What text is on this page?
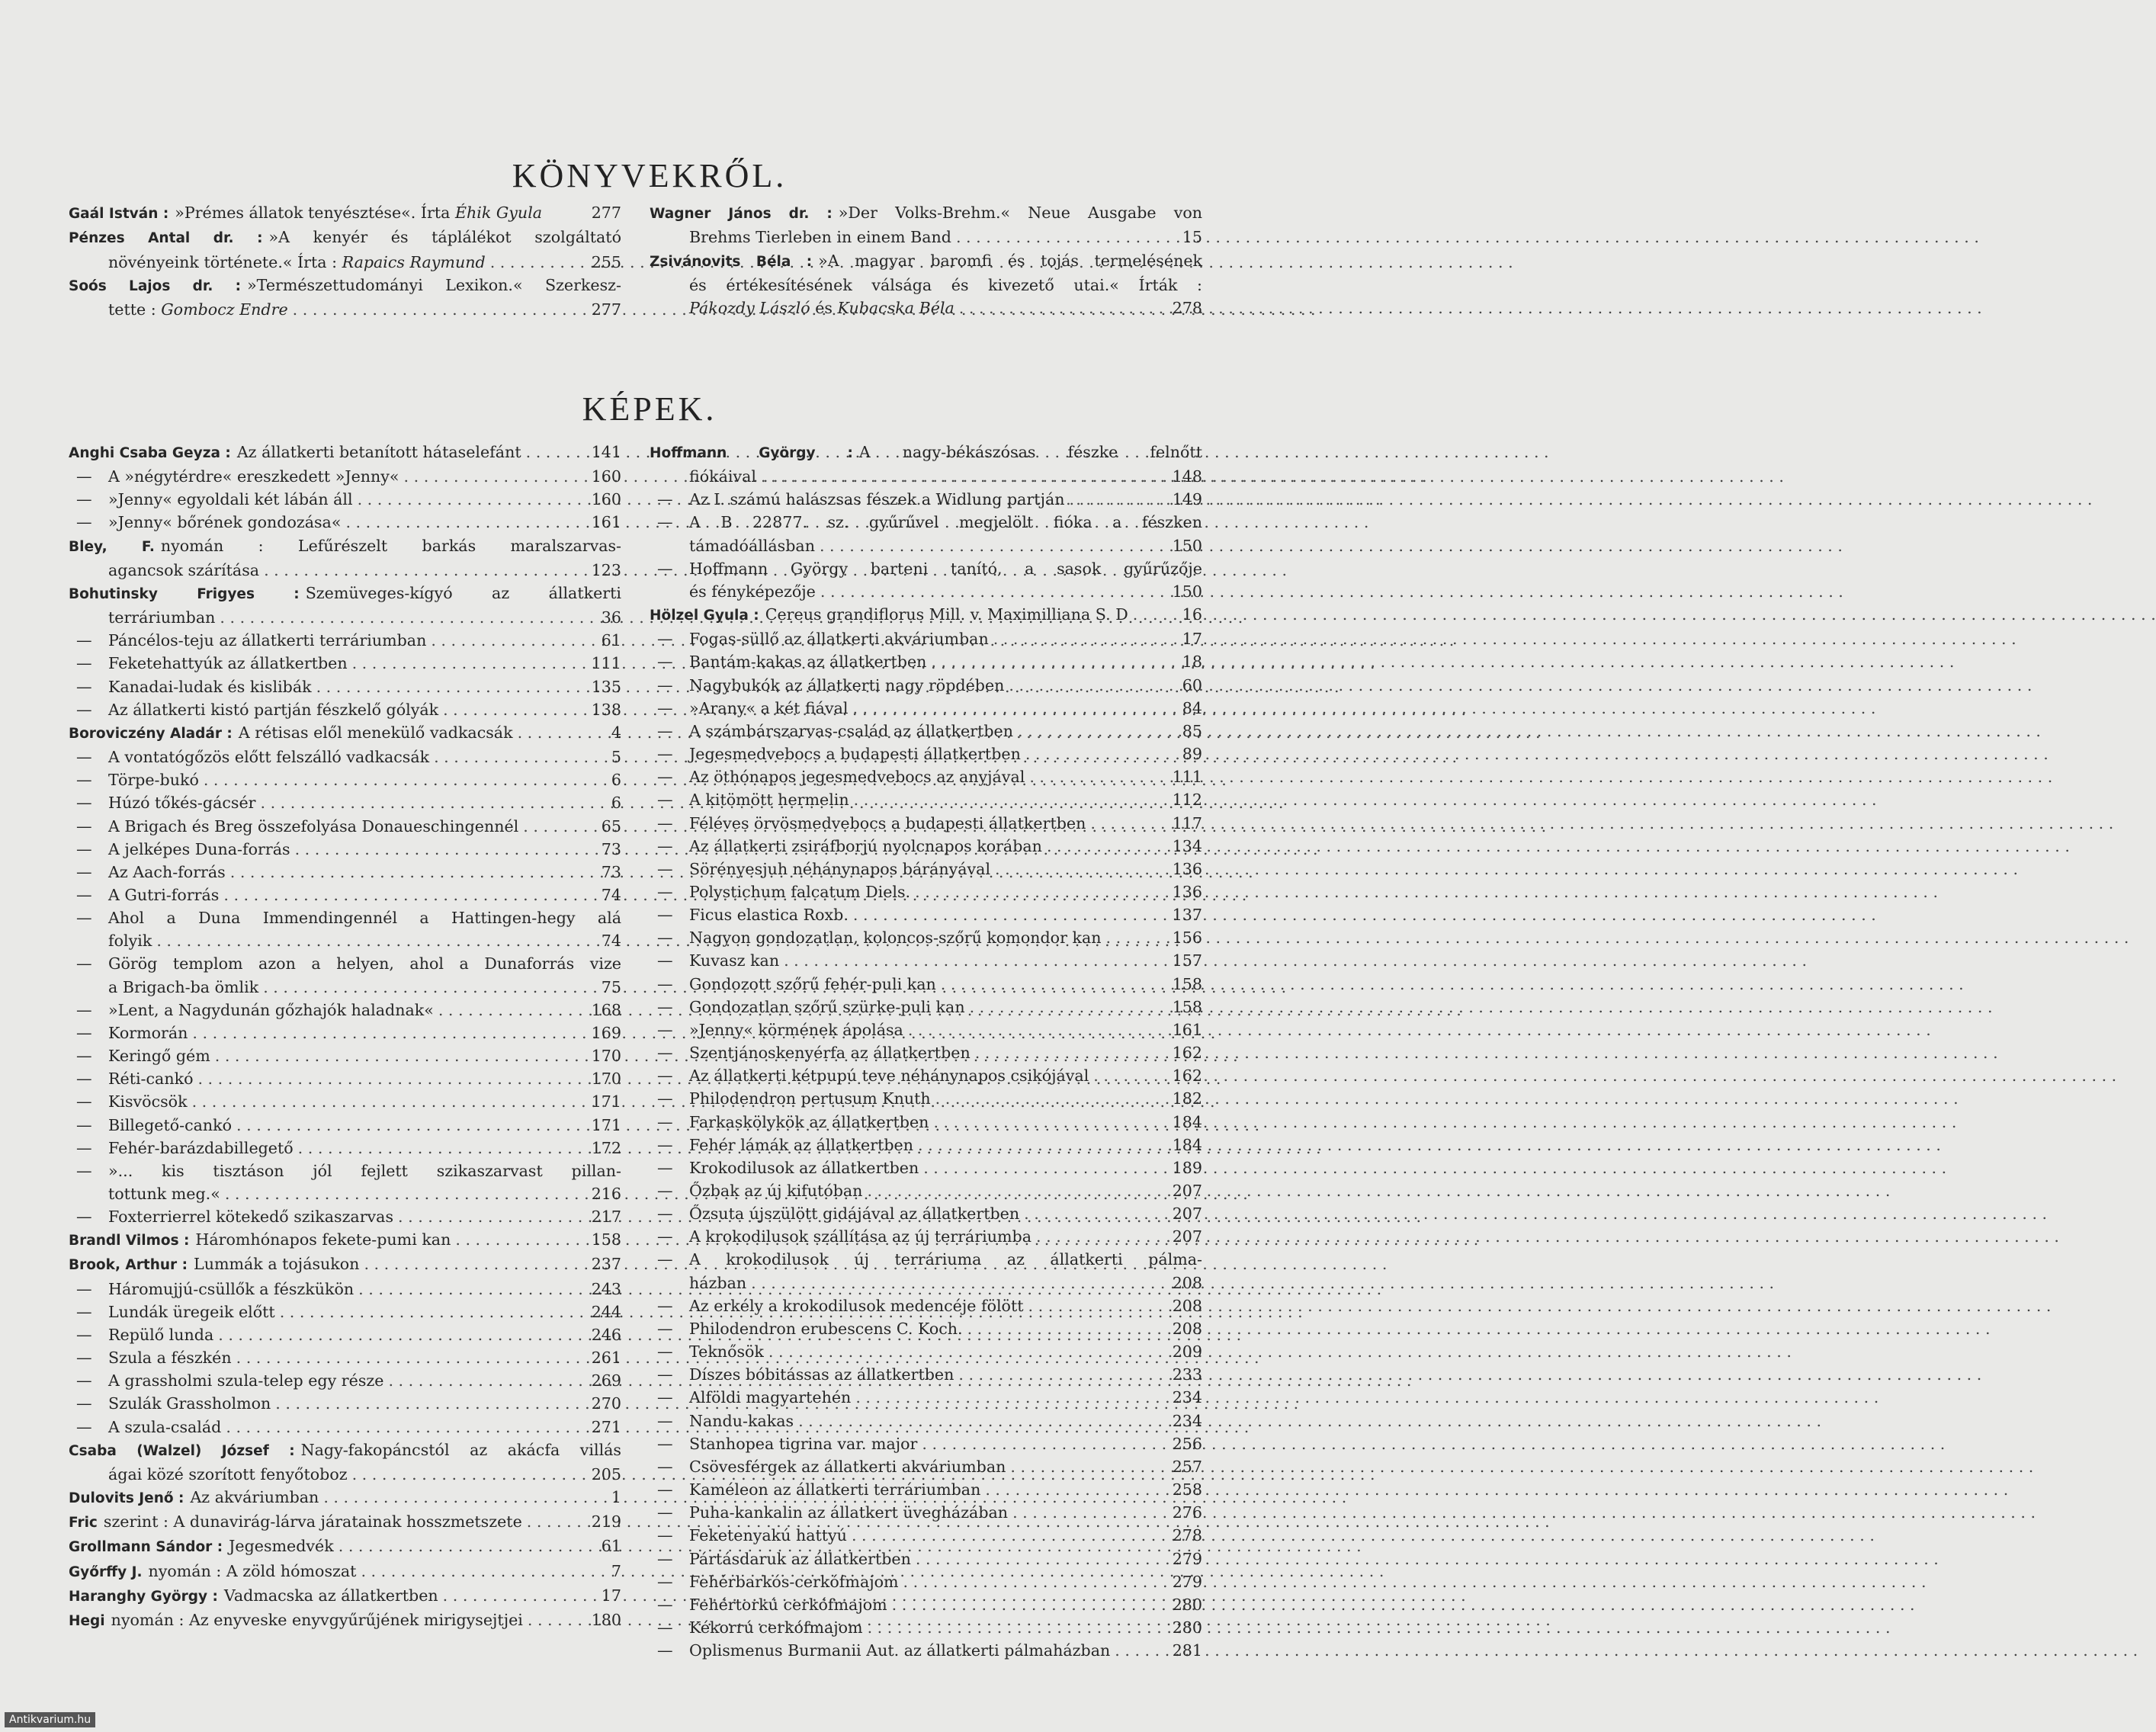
KÖNYVEKRŐL.
Gaál István : »Prémes állatok tenyésztése«. Írta Éhik Gyula	277
Pénzes Antal dr. : »A kenyér és táplálékot szolgáltató
növényeink története.« Írta : Rapaics Raymund . . .	255
Soós Lajos dr. : »Természettudományi Lexikon.« Szerkesz-
tette : Gombocz Endre . . .	277
Wagner János dr. : »Der Volks-Brehm.« Neue Ausgabe von
Brehms Tierleben in einem Band . . .	15
Zsivánovits Béla : »A magyar baromfi és tojás termelésének
és értékesítésének válsága és kivezető utai.« Írták :
Pákozdy László és Kubacska Béla . . .	278
KÉPEK.
Anghi Csaba Geyza : Az állatkerti betanított hátaselefánt . . .	141
—	A »négytérdre« ereszkedett »Jenny« . . .	160
—	»Jenny« egyoldali két lábán áll . . .	160
—	»Jenny« bőrének gondozása« . . .	161
Bley, F. nyomán : Lefűrészelt barkás maralszarvas-
agancsok szárítása . . .	123
Bohutinsky Frigyes : Szemüveges-kígyó az állatkerti
terráriumban . . .	36
—	Páncélos-teju az állatkerti terráriumban . . .	61
—	Feketehattyúk az állatkertben . . .	111
—	Kanadai-ludak és kislibák . . .	135
—	Az állatkerti kistó partján fészkelő gólyák . . .	138
Boroviczény Aladár : A rétisas elől menekülő vadkacsák . . .	4
—	A vontatógőzös előtt felszálló vadkacsák . . .	5
—	Törpe-bukó . . .	6
—	Húzó tőkés-gácsér . . .	6
—	A Brigach és Breg összefolyása Donaueschingennél . . .	65
—	A jelképes Duna-forrás . . .	73
—	Az Aach-forrás . . .	73
—	A Gutri-forrás . . .	74
—	Ahol a Duna Immendingennél a Hattingen-hegy alá
folyik . . .	74
—	Görög templom azon a helyen, ahol a Dunaforrás vize
a Brigach-ba ömlik . . .	75
—	»Lent, a Nagydunán gőzhajók haladnak« . . .	168
—	Kormorán . . .	169
—	Keringő gém . . .	170
—	Réti-cankó . . .	170
—	Kisvöcsök . . .	171
—	Billegető-cankó . . .	171
—	Fehér-barázdabillegető . . .	172
—	»... kis tisztáson jól fejlett szikaszarvast pillan-
tottunk meg.« . . .	216
—	Foxterrierrel kötekedő szikaszarvas . . .	217
Brandl Vilmos : Háromhónapos fekete-pumi kan . . .	158
Brook, Arthur : Lummák a tojásukon . . .	237
—	Háromujjú-csüllők a fészkükön . . .	243
—	Lundák üregeik előtt . . .	244
—	Repülő lunda . . .	246
—	Szula a fészkén . . .	261
—	A grassholmi szula-telep egy része . . .	269
—	Szulák Grassholmon . . .	270
—	A szula-család . . .	271
Csaba (Walzel) József : Nagy-fakopáncstól az akácfa villás
ágai közé szorított fenyőtoboz . . .	205
Dulovits Jenő : Az akváriumban . . .	1
Fric szerint : A dunavirág-lárva járatainak hosszmetszete . . .	219
Grollmann Sándor : Jegesmedvék . . .	61
Győrffy J. nyomán : A zöld hómoszat . . .	7
Haranghy György : Vadmacska az állatkertben . . .	17
Hegi nyomán : Az enyveske enyvgyűrűjének mirigysejtjei . . .	180
Hoffmann György : A nagy-békászósas fészke felnőtt
fiókáival . . .	148
—	Az I. számú halászsas fészek a Widlung partján . . .	149
—	A B 22877. sz. gyűrűvel megjelölt fióka a fészken
támadóállásban . . .	150
—	Hoffmann György barteni tanító, a sasok gyűrűzője
és fényképezője . . .	150
Hölzel Gyula : Cereus grandiflorus Mill. v. Maximilliana S. D . . .	16
—	Fogas-süllő az állatkerti akváriumban . . .	17
—	Bantám-kakas az állatkertben . . .	18
—	Nagybukók az állatkerti nagy röpdében . . .	60
—	»Arany« a két fiával . . .	84
—	A számbárszarvas-család az állatkertben . . .	85
—	Jegesmedvebocs a budapesti állatkertben . . .	89
—	Az öthónapos jegesmedvebocs az anyjával . . .	111
—	A kitömött hermelin . . .	112
—	Féléves örvösmedvebocs a budapesti állatkertben . . .	117
—	Az állatkerti zsiráfborjú nyolcnapos korában . . .	134
—	Sörényesjuh néhánynapos bárányával . . .	136
—	Polystichum falcatum Diels. . . .	136
—	Ficus elastica Roxb. . . .	137
—	Nagyon gondozatlan, koloncos-szőrű komondor kan . . .	156
—	Kuvasz kan . . .	157
—	Gondozott szőrű fehér-puli kan . . .	158
—	Gondozatlan szőrű szürke-puli kan . . .	158
—	»Jenny« körmének ápolása . . .	161
—	Szentjánoskenyérfa az állatkertben . . .	162
—	Az állatkerti kétpupú teve néhánynapos csikójával . . .	162
—	Philodendron pertusum Knuth . . .	182
—	Farkaskölykök az állatkertben . . .	184
—	Fehér lámák az állatkertben . . .	184
—	Krokodilusok az állatkertben . . .	189
—	Őzbak az új kifutóban . . .	207
—	Őzsuta újszülött gidájával az állatkertben . . .	207
—	A krokodilusok szállítása az új terráriumba . . .	207
—	A krokodilusok új terráriuma az állatkerti pálma-
házban . . .	208
—	Az erkély a krokodilusok medencéje fölött . . .	208
—	Philodendron erubescens C. Koch. . . .	208
—	Teknősök . . .	209
—	Díszes bóbitássas az állatkertben . . .	233
—	Alföldi magyartehén . . .	234
—	Nandu-kakas . . .	234
—	Stanhopea tigrina var. major . . .	256
—	Csövesférgek az állatkerti akváriumban . . .	257
—	Kaméleon az állatkerti terráriumban . . .	258
—	Puha-kankalin az állatkert üvegházában . . .	276
—	Feketenyakú hattyú . . .	278
—	Pártásdaruk az állatkertben . . .	279
—	Fehérbarkós-cerkófmajom . . .	279
—	Fehértorkú cerkófmajom . . .	280
—	Kékorrú cerkófmajom . . .	280
—	Oplismenus Burmanii Aut. az állatkerti pálmaházban . . .	281
Antikvarium.hu
